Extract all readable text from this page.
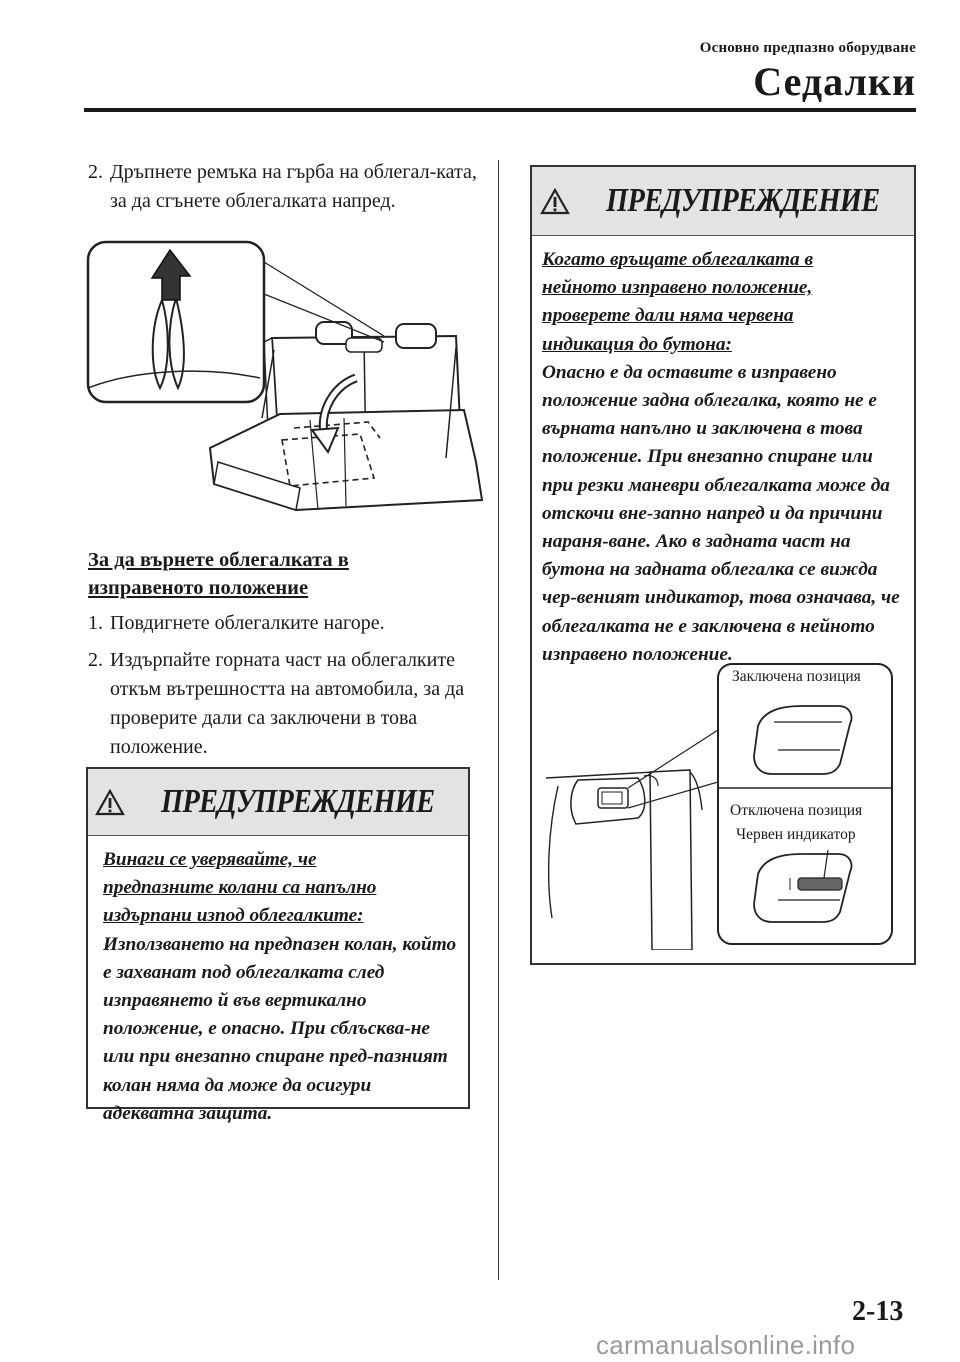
Основно предпазно оборудване
Седалки
2. Дръпнете ремъка на гърба на облегал-ката, за да сгънете облегалката напред.
За да върнете облегалката в изправеното положение
1. Повдигнете облегалките нагоре.
2. Издърпайте горната част на облегалките откъм вътрешността на автомобила, за да проверите дали са заключени в това положение.
ПРЕДУПРЕЖДЕНИЕ
Винаги се уверявайте, че предпазните колани са напълно издърпани изпод облегалките:
Използването на предпазен колан, който е захванат под облегалката след изправянето й във вертикално положение, е опасно. При сблъсква-не или при внезапно спиране пред-пазният колан няма да може да осигури адекватна защита.
ПРЕДУПРЕЖДЕНИЕ
Когато връщате облегалката в нейното изправено положение, проверете дали няма червена индикация до бутона:
Опасно е да оставите в изправено положение задна облегалка, която не е върната напълно и заключена в това положение. При внезапно спиране или при резки маневри облегалката може да отскочи вне-запно напред и да причини нараня-ване. Ако в задната част на бутона на задната облегалка се вижда чер-веният индикатор, това означава, че облегалката не е заключена в нейното изправено положение.
Заключена позиция
Отключена позиция
Червен индикатор
2-13
carmanualsonline.info
